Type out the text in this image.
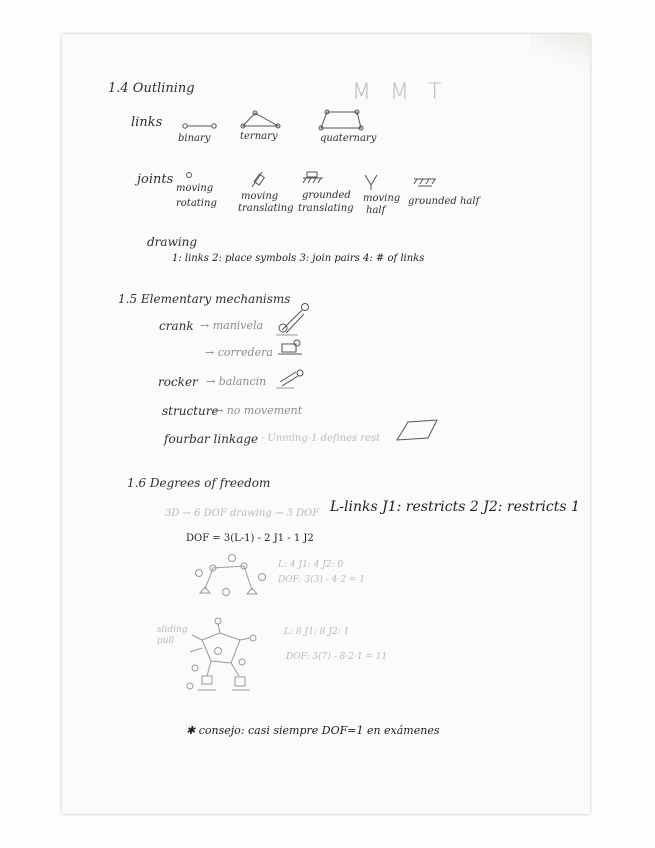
1.4 Outlining	M M T
links
binary	ternary	quaternary
joints
moving
rotating
moving
translating
grounded
translating
moving
half
grounded half
drawing
1: links 2: place symbols 3: join pairs 4: # of links
1.5 Elementary mechanisms
crank → manivela
→ corredera
rocker → balancin
structure
→ no movement
fourbar linkage · Unming-1 defines rest
1.6 Degrees of freedom
3D → 6 DOF drawing → 3 DOF L-links J1: restricts 2 J2: restricts 1
DOF = 3(L-1) - 2 J1 - 1 J2
L: 4 J1: 4 J2: 0
DOF: 3(3) - 4·2 = 1
sliding
pull
L: 8 J1: 8 J2: 1
DOF: 3(7) - 8·2·1 = 11
✱ consejo: casi siempre DOF=1 en exámenes
